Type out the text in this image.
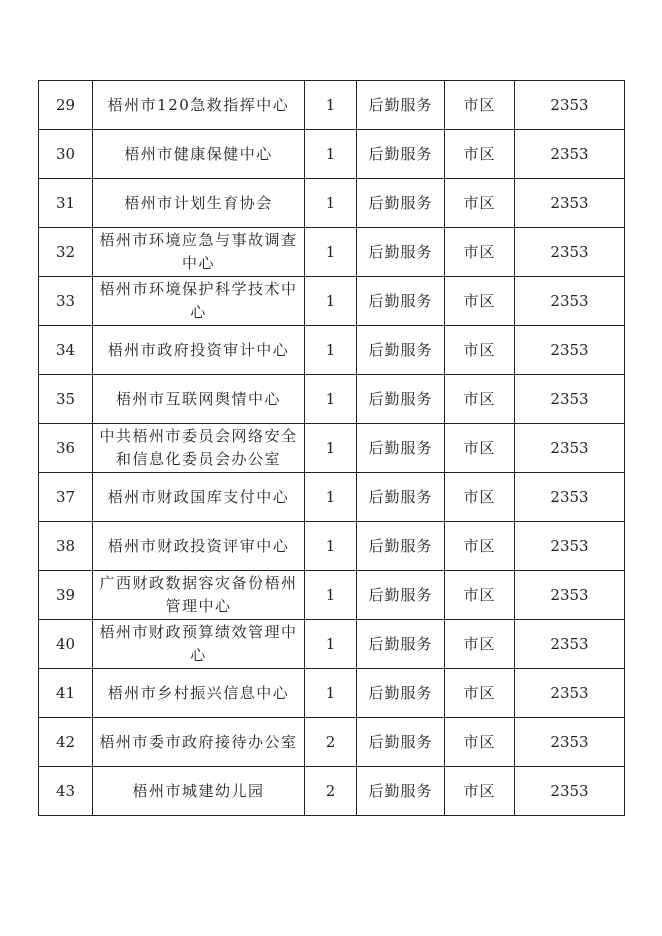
29	梧州市120急救指挥中心	1	后勤服务	市区	2353
30	梧州市健康保健中心	1	后勤服务	市区	2353
31	梧州市计划生育协会	1	后勤服务	市区	2353
32	梧州市环境应急与事故调查中心	1	后勤服务	市区	2353
33	梧州市环境保护科学技术中心	1	后勤服务	市区	2353
34	梧州市政府投资审计中心	1	后勤服务	市区	2353
35	梧州市互联网舆情中心	1	后勤服务	市区	2353
36	中共梧州市委员会网络安全和信息化委员会办公室	1	后勤服务	市区	2353
37	梧州市财政国库支付中心	1	后勤服务	市区	2353
38	梧州市财政投资评审中心	1	后勤服务	市区	2353
39	广西财政数据容灾备份梧州管理中心	1	后勤服务	市区	2353
40	梧州市财政预算绩效管理中心	1	后勤服务	市区	2353
41	梧州市乡村振兴信息中心	1	后勤服务	市区	2353
42	梧州市委市政府接待办公室	2	后勤服务	市区	2353
43	梧州市城建幼儿园	2	后勤服务	市区	2353
